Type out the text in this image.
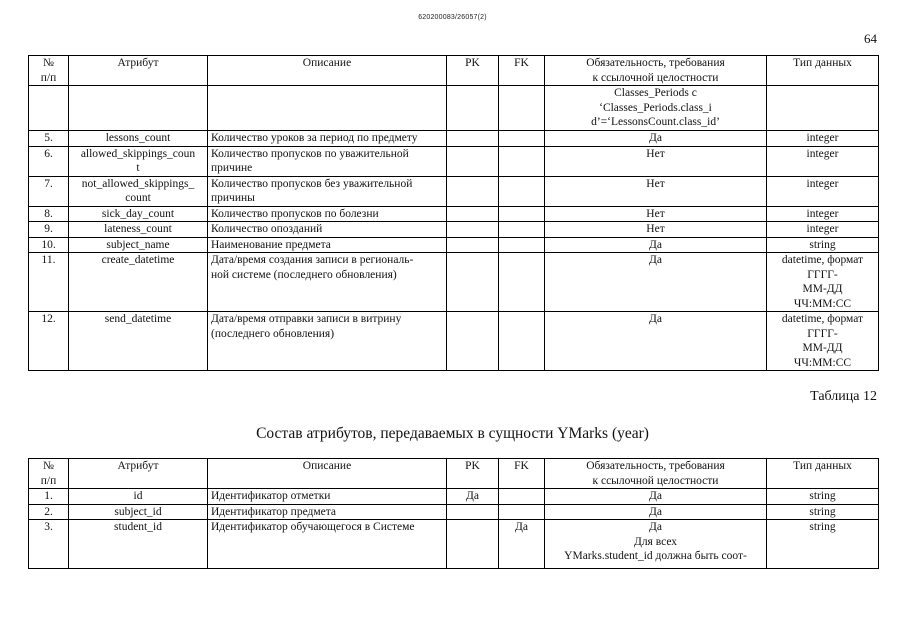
620200083/26057(2)
64
№
п/п	Атрибут	Описание	PK	FK	Обязательность, требования
к ссылочной целостности	Тип данных
					Classes_Periods с
‘Classes_Periods.class_i
d’=‘LessonsCount.class_id’	
5.	lessons_count	Количество уроков за период по предмету			Да	integer
6.	allowed_skippings_coun
t	Количество пропусков по уважительной
причине			Нет	integer
7.	not_allowed_skippings_
count	Количество пропусков без уважительной
причины			Нет	integer
8.	sick_day_count	Количество пропусков по болезни			Нет	integer
9.	lateness_count	Количество опозданий			Нет	integer
10.	subject_name	Наименование предмета			Да	string
11.	create_datetime	Дата/время создания записи в региональ-
ной системе (последнего обновления)			Да	datetime, формат
ГГГГ-
ММ-ДД
ЧЧ:ММ:СС
12.	send_datetime	Дата/время отправки записи в витрину
(последнего обновления)			Да	datetime, формат
ГГГГ-
ММ-ДД
ЧЧ:ММ:СС
Таблица 12
Состав атрибутов, передаваемых в сущности YMarks (year)
№
п/п	Атрибут	Описание	PK	FK	Обязательность, требования
к ссылочной целостности	Тип данных
1.	id	Идентификатор отметки	Да		Да	string
2.	subject_id	Идентификатор предмета			Да	string
3.	student_id	Идентификатор обучающегося в Системе		Да	Да
Для всех
YMarks.student_id должна быть соот-	string
